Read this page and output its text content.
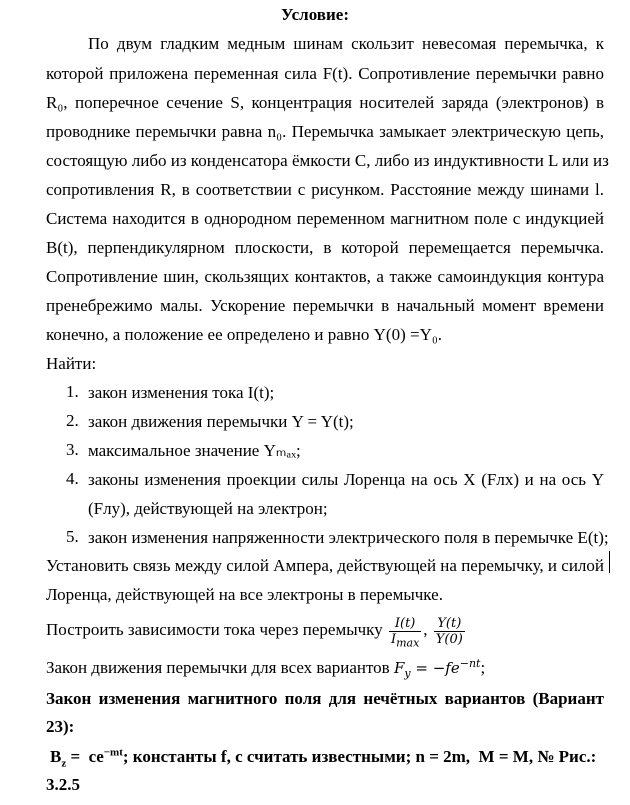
Условие:
По двум гладким медным шинам скользит невесомая перемычка, к
которой приложена переменная сила F(t). Сопротивление перемычки равно
R₀, поперечное сечение S, концентрация носителей заряда (электронов) в
проводнике перемычки равна n₀. Перемычка замыкает электрическую цепь,
состоящую либо из конденсатора ёмкости С, либо из индуктивности L или из
сопротивления R, в соответствии с рисунком. Расстояние между шинами l.
Система находится в однородном переменном магнитном поле с индукцией
B(t), перпендикулярном плоскости, в которой перемещается перемычка.
Сопротивление шин, скользящих контактов, а также самоиндукция контура
пренебрежимо малы. Ускорение перемычки в начальный момент времени
конечно, а положение ее определено и равно Y(0) =Y₀.
Найти:
1. закон изменения тока I(t);
2. закон движения перемычки Y = Y(t);
3. максимальное значение Yₘₐₓ;
4. законы изменения проекции силы Лоренца на ось X (Fлх) и на ось Y
(Fлу), действующей на электрон;
5. закон изменения напряженности электрического поля в перемычке E(t);
Установить связь между силой Ампера, действующей на перемычку, и силой
Лоренца, действующей на все электроны в перемычке.
Построить зависимости тока через перемычку $\frac{I(t)}{I_{max}}$ , $\frac{Y(t)}{Y(0)}$
Закон движения перемычки для всех вариантов $F_y = -fe^{-nt}$;
Закон изменения магнитного поля для нечётных вариантов (Вариант
23):
$B_z = ce^{-mt}$; константы f, c считать известными; n = 2m,  M = M, № Рис.:
3.2.5
